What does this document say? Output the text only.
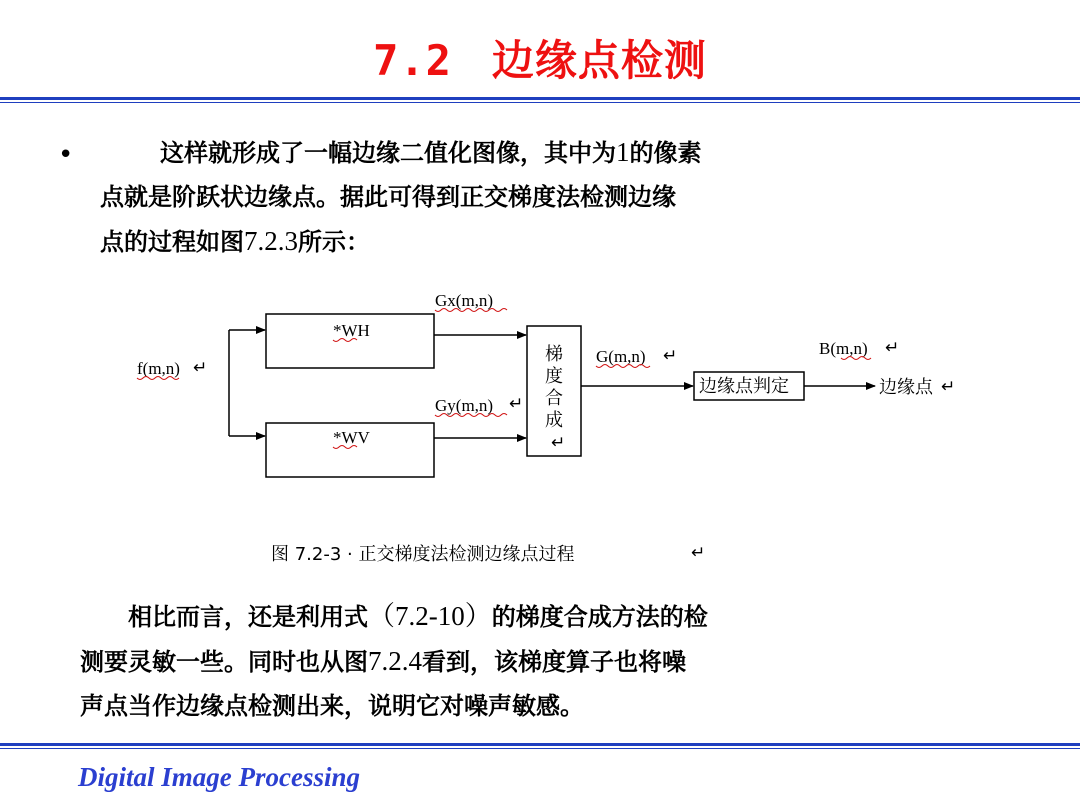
7.2 边缘点检测
•
   	这样就形成了一幅边缘二值化图像，其中为1的像素
点就是阶跃状边缘点。据此可得到正交梯度法检测边缘
点的过程如图7.2.3所示：
f(m,n) ↵
*WH
*WV
Gx(m,n)
Gy(m,n) ↵
梯
度
合
成
↵
G(m,n) ↵
边缘点判定
B(m,n) ↵
边缘点 ↵
图 7.2-3 · 正交梯度法检测边缘点过程	↵
  相比而言，还是利用式（7.2-10）的梯度合成方法的检
测要灵敏一些。同时也从图7.2.4看到，该梯度算子也将噪
声点当作边缘点检测出来，说明它对噪声敏感。
Digital Image Processing
